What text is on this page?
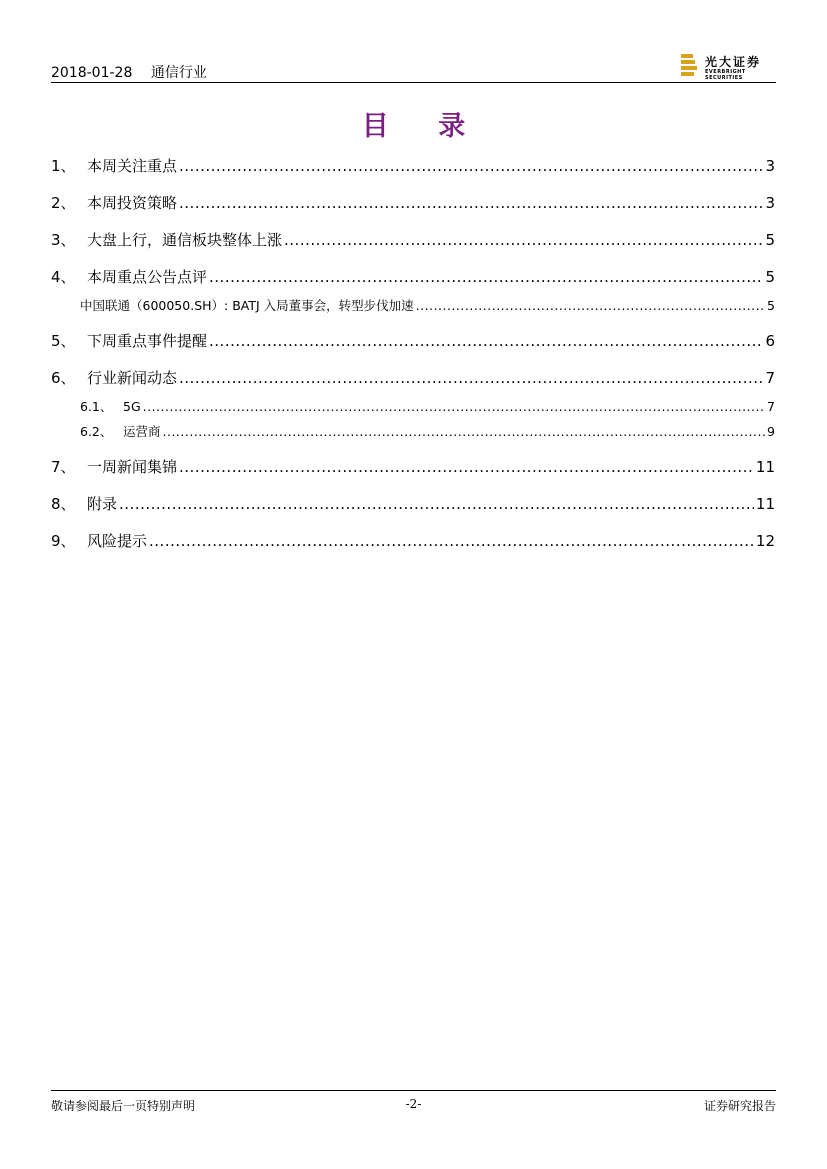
2018-01-28 通信行业
光大证券
EVERBRIGHT SECURITIES
目 录
1、 本周关注重点 .....	3
2、 本周投资策略 .....	3
3、 大盘上行，通信板块整体上涨 .....	5
4、 本周重点公告点评 .....	5
中国联通（600050.SH）: BATJ 入局董事会，转型步伐加速 .....	5
5、 下周重点事件提醒 .....	6
6、 行业新闻动态 .....	7
6.1、 5G .....	7
6.2、 运营商 .....	9
7、 一周新闻集锦 .....	11
8、 附录 .....	11
9、 风险提示 .....	12
敬请参阅最后一页特别声明	-2-	证券研究报告
